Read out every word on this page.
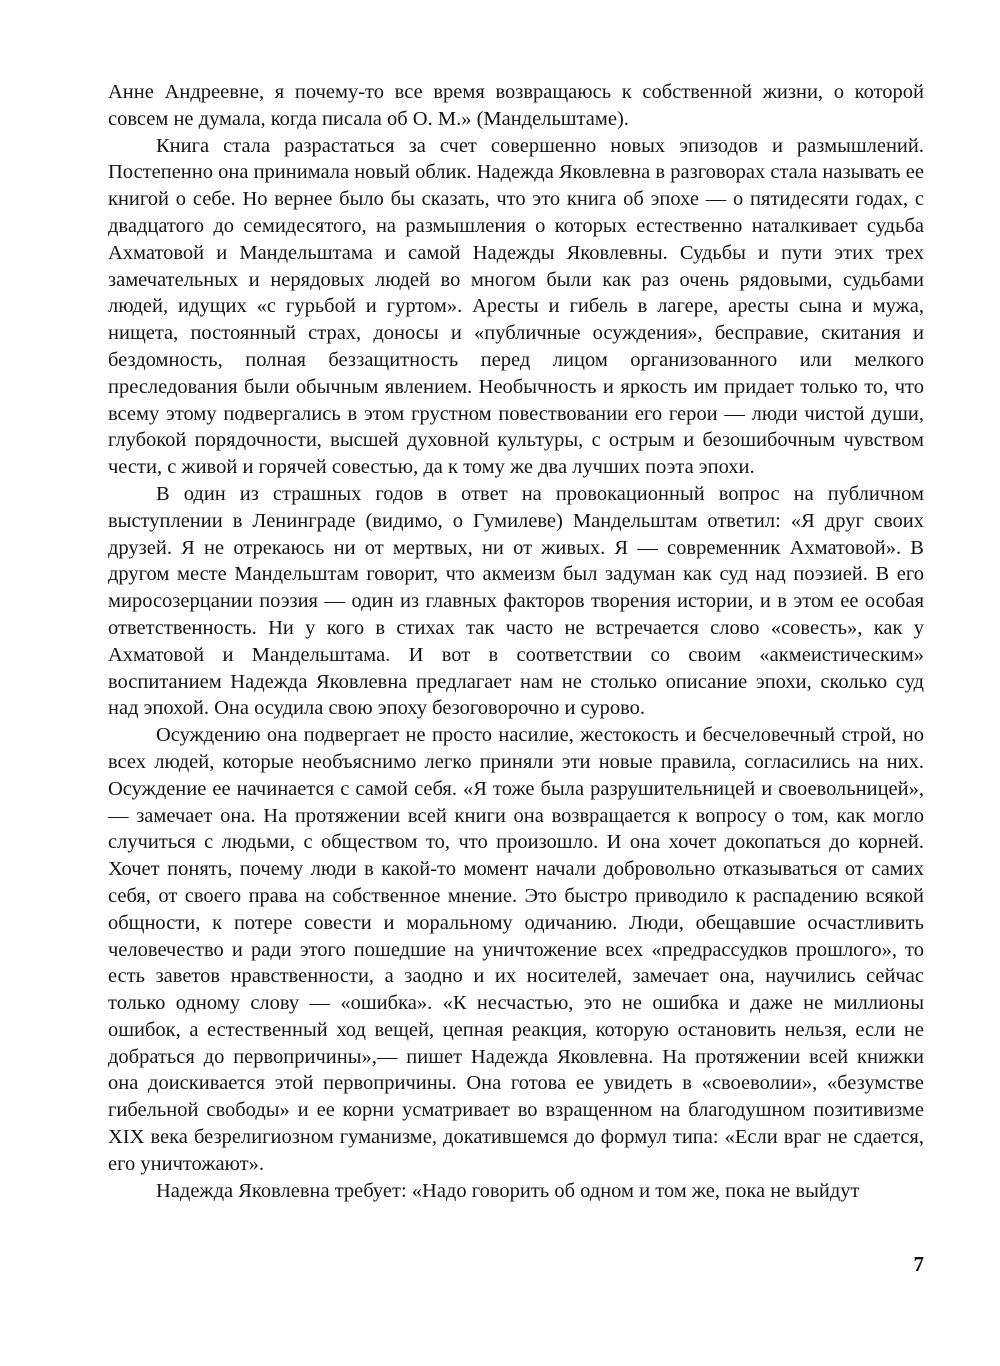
Анне Андреевне, я почему-то все время возвращаюсь к собственной жизни, о которой совсем не думала, когда писала об О. М.» (Мандельштаме).

Книга стала разрастаться за счет совершенно новых эпизодов и размышлений. Постепенно она принимала новый облик. Надежда Яковлевна в разговорах стала называть ее книгой о себе. Но вернее было бы сказать, что это книга об эпохе — о пятидесяти годах, с двадцатого до семидесятого, на размышления о которых естественно наталкивает судьба Ахматовой и Мандельштама и самой Надежды Яковлевны. Судьбы и пути этих трех замечательных и нерядовых людей во многом были как раз очень рядовыми, судьбами людей, идущих «с гурьбой и гуртом». Аресты и гибель в лагере, аресты сына и мужа, нищета, постоянный страх, доносы и «публичные осуждения», бесправие, скитания и бездомность, полная беззащитность перед лицом организованного или мелкого преследования были обычным явлением. Необычность и яркость им придает только то, что всему этому подвергались в этом грустном повествовании его герои — люди чистой души, глубокой порядочности, высшей духовной культуры, с острым и безошибочным чувством чести, с живой и горячей совестью, да к тому же два лучших поэта эпохи.

В один из страшных годов в ответ на провокационный вопрос на публичном выступлении в Ленинграде (видимо, о Гумилеве) Мандельштам ответил: «Я друг своих друзей. Я не отрекаюсь ни от мертвых, ни от живых. Я — современник Ахматовой». В другом месте Мандельштам говорит, что акмеизм был задуман как суд над поэзией. В его миросозерцании поэзия — один из главных факторов творения истории, и в этом ее особая ответственность. Ни у кого в стихах так часто не встречается слово «совесть», как у Ахматовой и Мандельштама. И вот в соответствии со своим «акмеистическим» воспитанием Надежда Яковлевна предлагает нам не столько описание эпохи, сколько суд над эпохой. Она осудила свою эпоху безоговорочно и сурово.

Осуждению она подвергает не просто насилие, жестокость и бесчеловечный строй, но всех людей, которые необъяснимо легко приняли эти новые правила, согласились на них. Осуждение ее начинается с самой себя. «Я тоже была разрушительницей и своевольницей»,— замечает она. На протяжении всей книги она возвращается к вопросу о том, как могло случиться с людьми, с обществом то, что произошло. И она хочет докопаться до корней. Хочет понять, почему люди в какой-то момент начали добровольно отказываться от самих себя, от своего права на собственное мнение. Это быстро приводило к распадению всякой общности, к потере совести и моральному одичанию. Люди, обещавшие осчастливить человечество и ради этого пошедшие на уничтожение всех «предрассудков прошлого», то есть заветов нравственности, а заодно и их носителей, замечает она, научились сейчас только одному слову — «ошибка». «К несчастью, это не ошибка и даже не миллионы ошибок, а естественный ход вещей, цепная реакция, которую остановить нельзя, если не добраться до первопричины»,— пишет Надежда Яковлевна. На протяжении всей книжки она доискивается этой первопричины. Она готова ее увидеть в «своеволии», «безумстве гибельной свободы» и ее корни усматривает во взращенном на благодушном позитивизме XIX века безрелигиозном гуманизме, докатившемся до формул типа: «Если враг не сдается, его уничтожают».

Надежда Яковлевна требует: «Надо говорить об одном и том же, пока не выйдут

7
